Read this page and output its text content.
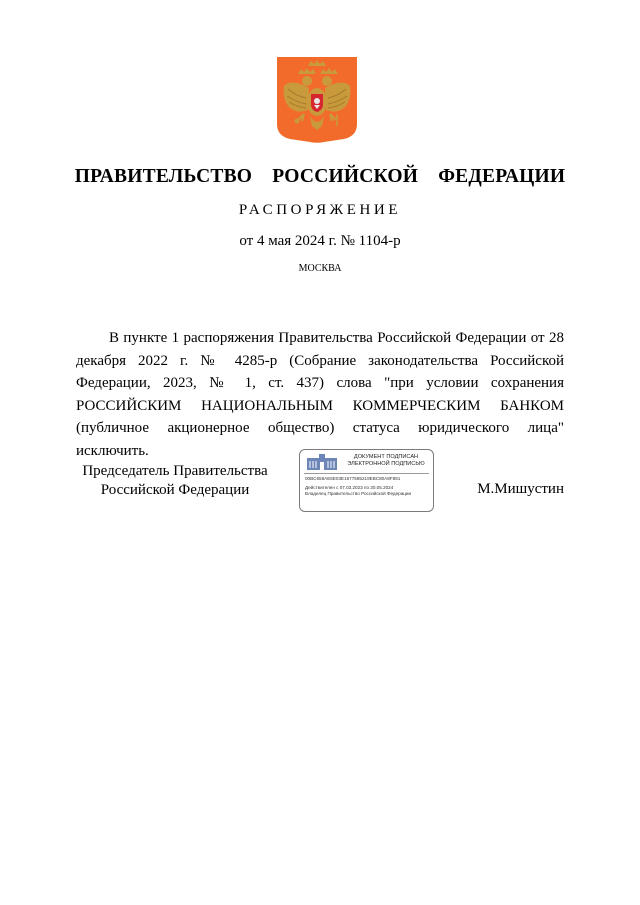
ПРАВИТЕЛЬСТВО  РОССИЙСКОЙ  ФЕДЕРАЦИИ
РАСПОРЯЖЕНИЕ
от 4 мая 2024 г. № 1104-р
МОСКВА
В пункте 1 распоряжения Правительства Российской Федерации от 28 декабря 2022 г. № 4285-р (Собрание законодательства Российской Федерации, 2023, № 1, ст. 437) слова "при условии сохранения РОССИЙСКИМ НАЦИОНАЛЬНЫМ КОММЕРЧЕСКИМ БАНКОМ (публичное акционерное общество) статуса юридического лица" исключить.
Председатель Правительства
Российской Федерации
ДОКУМЕНТ ПОДПИСАН
ЭЛЕКТРОННОЙ ПОДПИСЬЮ
00BC658AE6E03E1677585219EBC80A8F891
Действителен с 07.03.2023 по 30.05.2024
Владелец Правительство Российской Федерации	М.Мишустин
